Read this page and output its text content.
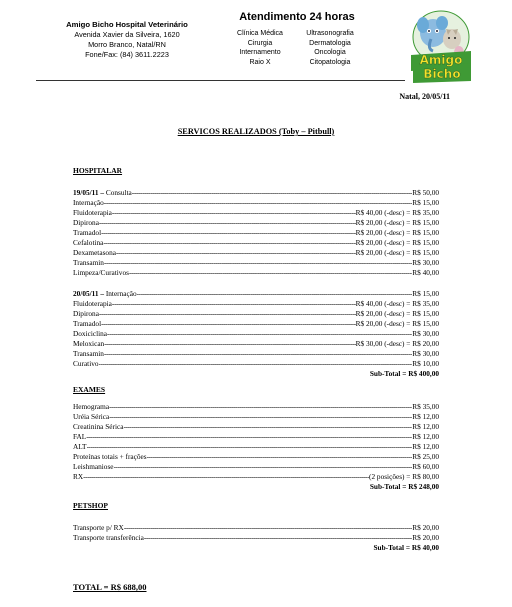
Amigo Bicho Hospital Veterinário
Avenida Xavier da Silveira, 1620
Morro Branco, Natal/RN
Fone/Fax: (84) 3611.2223
Atendimento 24 horas
Clínica Médica
Cirurgia
Internamento
Raio X
Ultrasonografia
Dermatologia
Oncologia
Citopatologia	Amigo
Bicho
Natal, 20/05/11
SERVICOS REALIZADOS (Toby – Pitbull)
HOSPITALAR
19/05/11 – Consulta -----	R$ 50,00
Internação -----	R$ 15,00
Fluidoterapia -----	R$ 40,00 (-desc) = R$ 35,00
Dipirona -----	R$ 20,00 (-desc) = R$ 15,00
Tramadol -----	R$ 20,00 (-desc) = R$ 15,00
Cefalotina -----	R$ 20,00 (-desc) = R$ 15,00
Dexametasona -----	R$ 20,00 (-desc) = R$ 15,00
Transamin -----	R$ 30,00
Limpeza/Curativos -----	R$ 40,00
20/05/11 – Internação -----	R$ 15,00
Fluidoterapia -----	R$ 40,00 (-desc) = R$ 35,00
Dipirona -----	R$ 20,00 (-desc) = R$ 15,00
Tramadol -----	R$ 20,00 (-desc) = R$ 15,00
Doxiciclina -----	R$ 30,00
Meloxican -----	R$ 30,00 (-desc) = R$ 20,00
Transamin -----	R$ 30,00
Curativo -----	R$ 10,00
Sub-Total = R$ 400,00
EXAMES
Hemograma -----	R$ 35,00
Uréia Sérica -----	R$ 12,00
Creatinina Sérica -----	R$ 12,00
FAL -----	R$ 12,00
ALT -----	R$ 12,00
Proteínas totais + frações -----	R$ 25,00
Leishmaniose -----	R$ 60,00
RX -----	(2 posições) = R$ 80,00
Sub-Total = R$ 248,00
PETSHOP
Transporte p/ RX -----	R$ 20,00
Transporte transferência -----	R$ 20,00
Sub-Total = R$ 40,00
TOTAL = R$ 688,00
